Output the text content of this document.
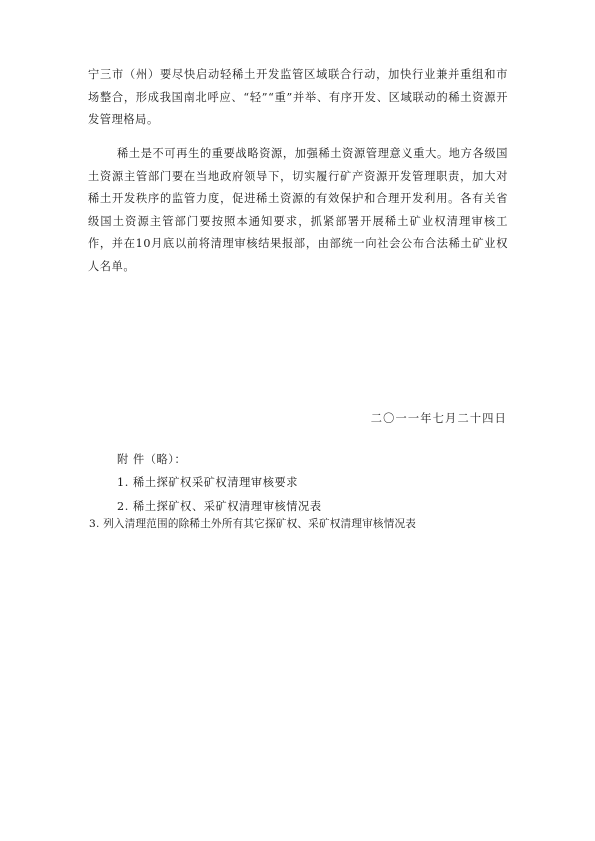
宁三市（州）要尽快启动轻稀土开发监管区域联合行动，加快行业兼并重组和市场整合，形成我国南北呼应、“轻”“重”并举、有序开发、区域联动的稀土资源开发管理格局。

稀土是不可再生的重要战略资源，加强稀土资源管理意义重大。地方各级国土资源主管部门要在当地政府领导下，切实履行矿产资源开发管理职责，加大对稀土开发秩序的监管力度，促进稀土资源的有效保护和合理开发利用。各有关省级国土资源主管部门要按照本通知要求，抓紧部署开展稀土矿业权清理审核工作，并在10月底以前将清理审核结果报部，由部统一向社会公布合法稀土矿业权人名单。

二〇一一年七月二十四日

附 件（略）：

1. 稀土探矿权采矿权清理审核要求

2. 稀土探矿权、采矿权清理审核情况表

3. 列入清理范围的除稀土外所有其它探矿权、采矿权清理审核情况表
